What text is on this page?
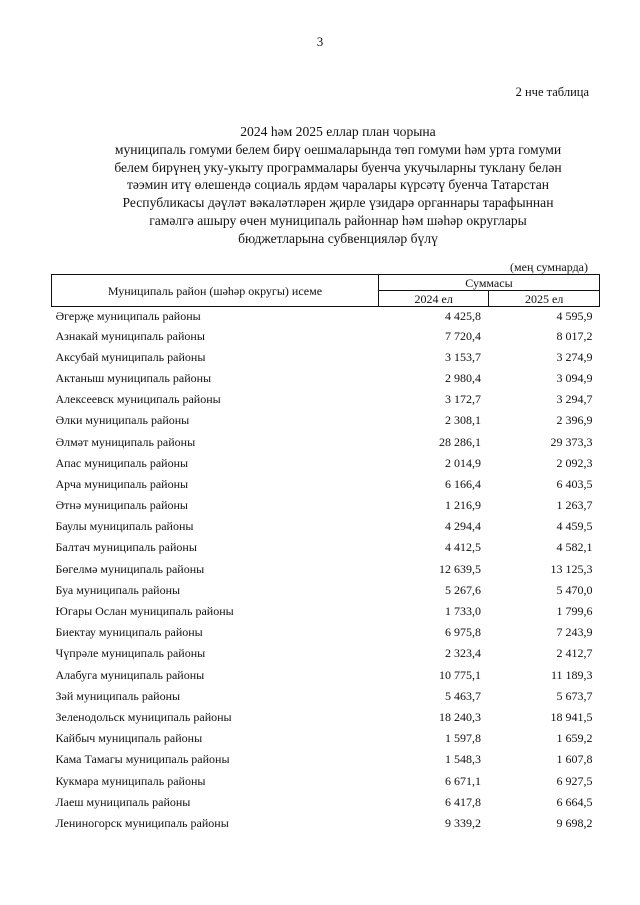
3
2 нче таблица
2024 һәм 2025 еллар план чорына
муниципаль гомуми белем бирү оешмаларында төп гомуми һәм урта гомуми
белем бирүнең уку-укыту программалары буенча укучыларны туклану белән
тәэмин итү өлешендә социаль ярдәм чаралары күрсәтү буенча Татарстан
Республикасы дәүләт вәкаләтләрен җирле үзидарә органнары тарафыннан
гамәлгә ашыру өчен муниципаль районнар һәм шәһәр округлары
бюджетларына субвенцияләр бүлү
(мең сумнарда)
Муниципаль район (шәһәр округы) исеме	Суммасы	
	2024 ел	2025 ел
Әгерҗе муниципаль районы	4 425,8	4 595,9
Азнакай муниципаль районы	7 720,4	8 017,2
Аксубай муниципаль районы	3 153,7	3 274,9
Актаныш муниципаль районы	2 980,4	3 094,9
Алексеевск муниципаль районы	3 172,7	3 294,7
Әлки муниципаль районы	2 308,1	2 396,9
Әлмәт муниципаль районы	28 286,1	29 373,3
Апас муниципаль районы	2 014,9	2 092,3
Арча муниципаль районы	6 166,4	6 403,5
Әтнә муниципаль районы	1 216,9	1 263,7
Баулы муниципаль районы	4 294,4	4 459,5
Балтач муниципаль районы	4 412,5	4 582,1
Бөгелмә муниципаль районы	12 639,5	13 125,3
Буа муниципаль районы	5 267,6	5 470,0
Югары Ослан муниципаль районы	1 733,0	1 799,6
Биектау муниципаль районы	6 975,8	7 243,9
Чүпрәле муниципаль районы	2 323,4	2 412,7
Алабуга муниципаль районы	10 775,1	11 189,3
Зәй муниципаль районы	5 463,7	5 673,7
Зеленодольск муниципаль районы	18 240,3	18 941,5
Кайбыч муниципаль районы	1 597,8	1 659,2
Кама Тамагы муниципаль районы	1 548,3	1 607,8
Кукмара муниципаль районы	6 671,1	6 927,5
Лаеш муниципаль районы	6 417,8	6 664,5
Лениногорск муниципаль районы	9 339,2	9 698,2
